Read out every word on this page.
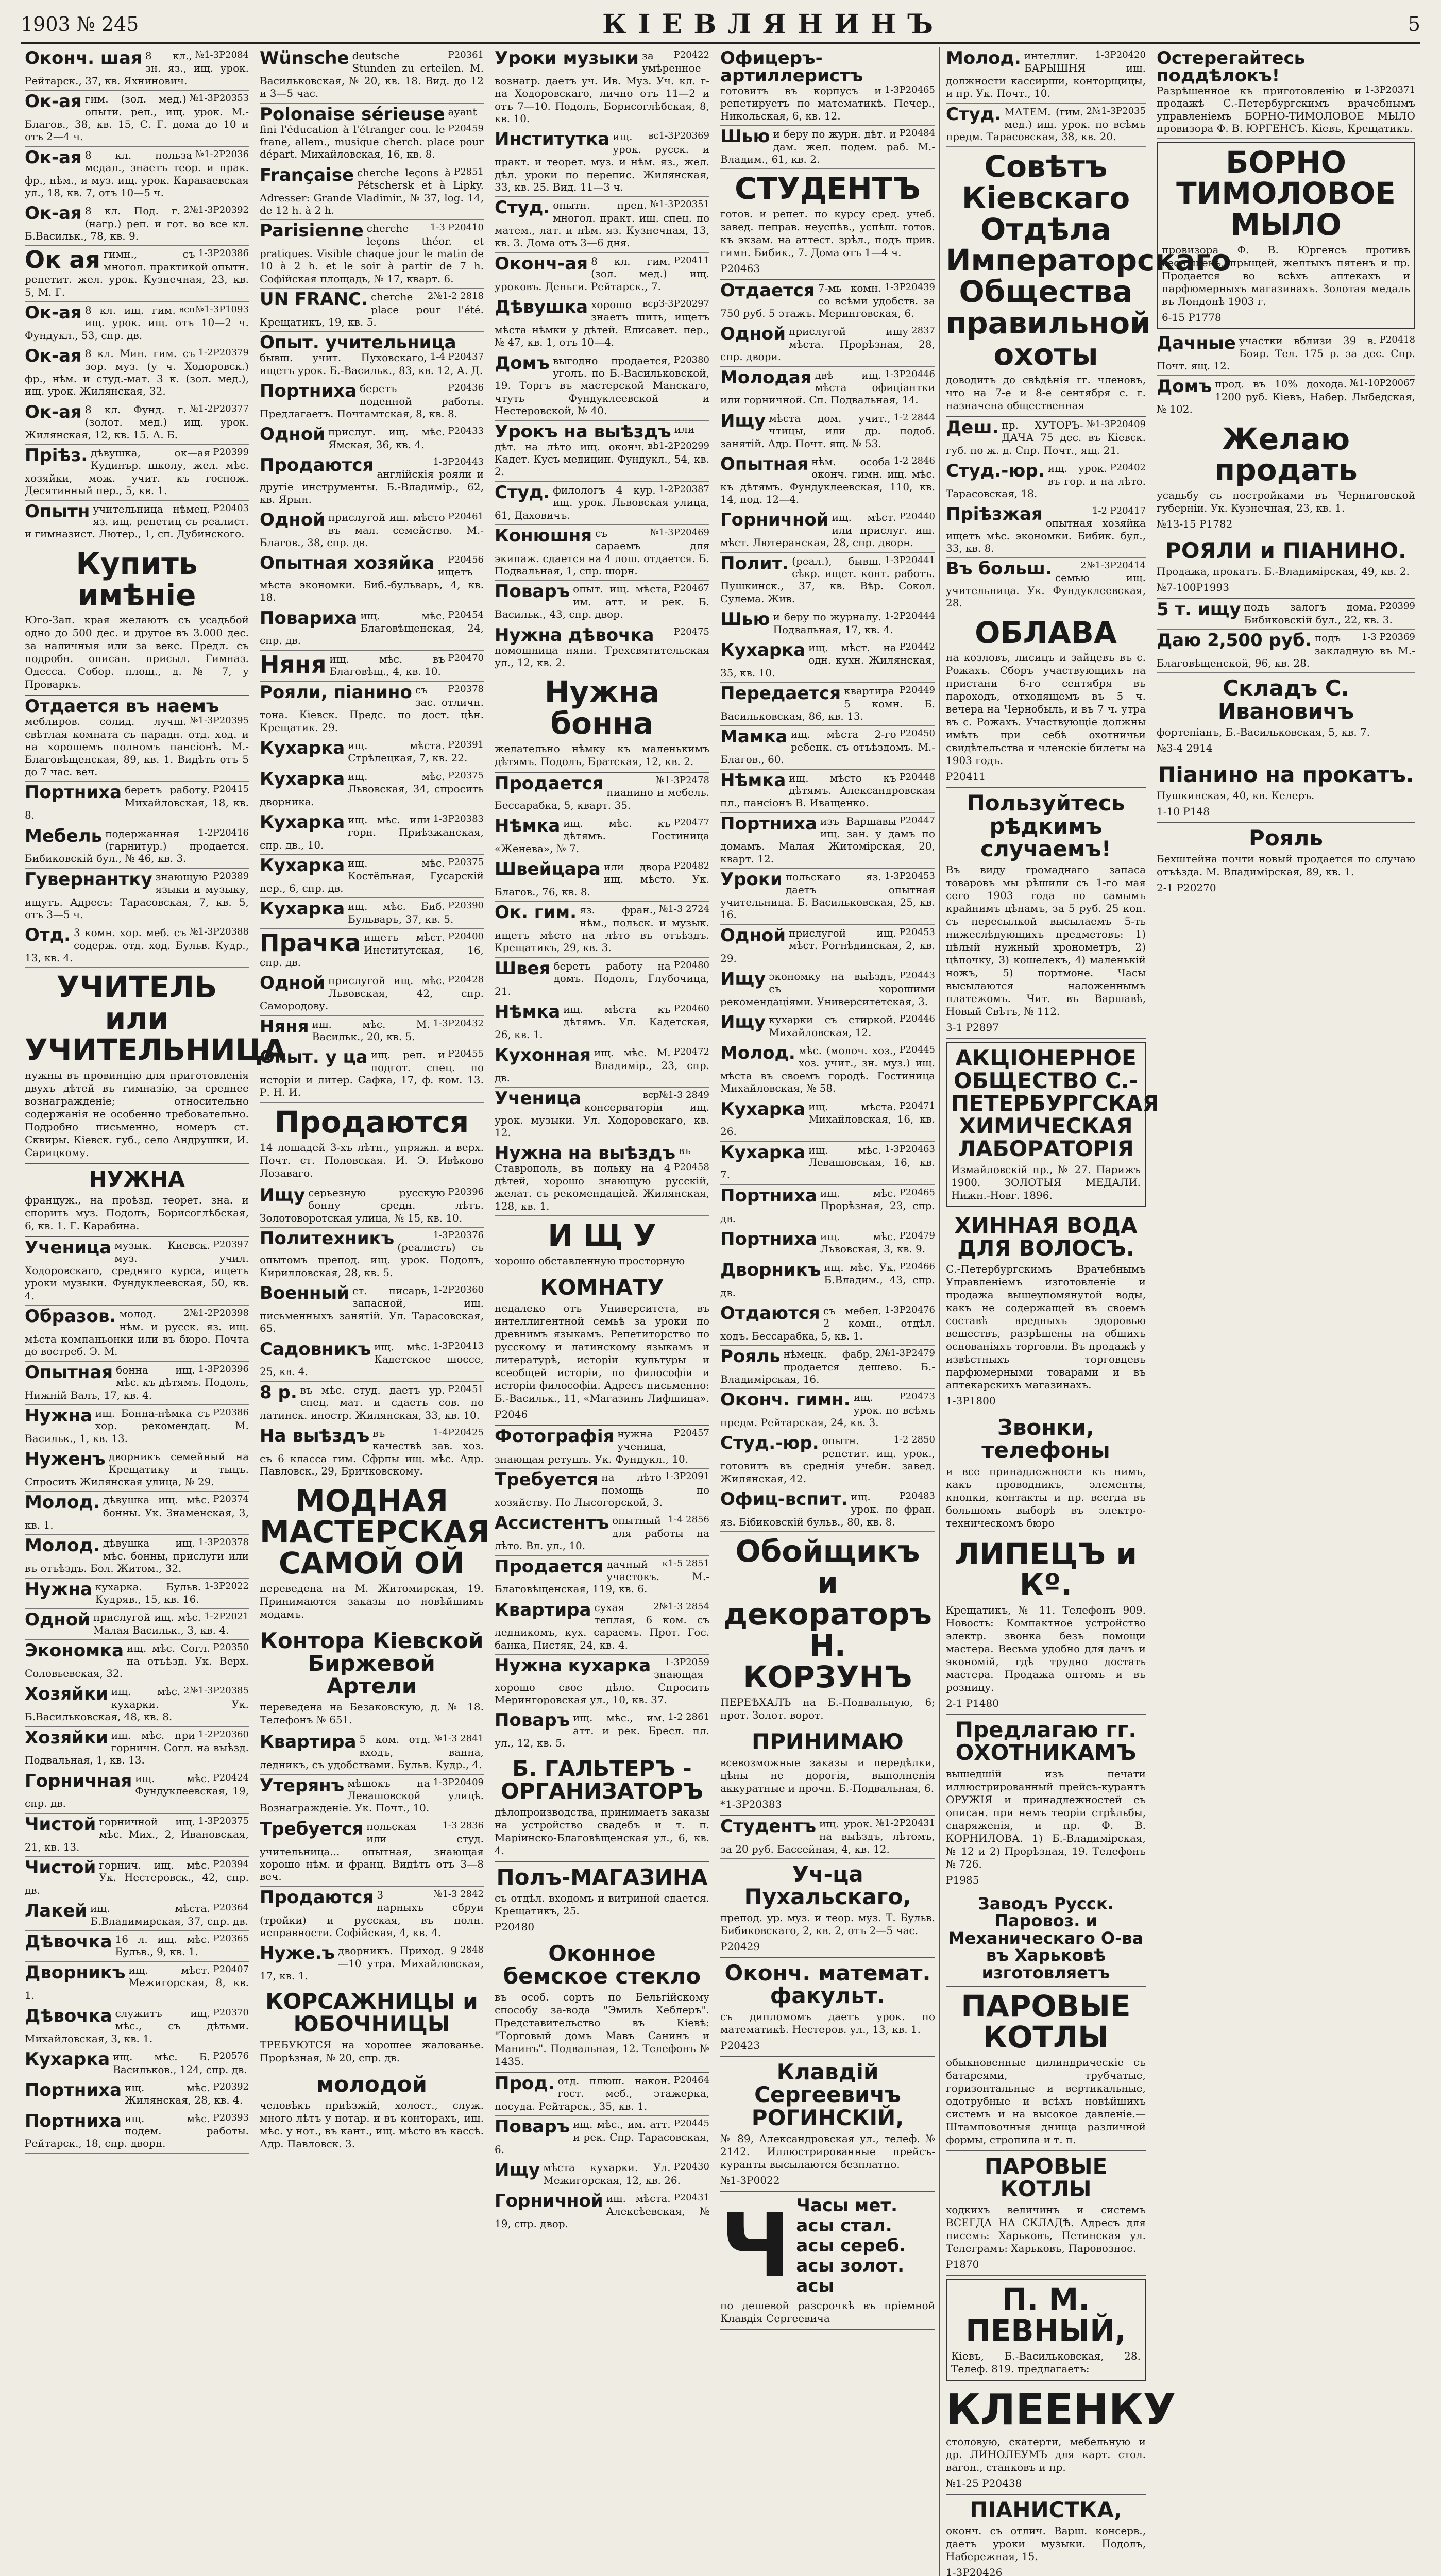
1903 № 245	КІЕВЛЯНИНЪ	5
Оконч. шая	№1-3Р2084
8 кл., зн. яз., ищ. урок. Рейтарск., 37, кв. Яхнинович.
Ок-ая	№1-3Р2035З
гим. (зол. мед.) опыти. реп., ищ. урок. М.-Благов., 38, кв. 15, С. Г. дома до 10 и отъ 2—4 ч.
Ок-ая	№1-2Р2036
8 кл. польза медал., знаетъ теор. и прак. фр., нѣм., и муз. ищ. урок. Караваевская ул., 18, кв. 7, отъ 10—5 ч.
Ок-ая	2№1-3Р20392
8 кл. Под. г. (нагр.) реп. и гот. во все кл. Б.Васильк., 78, кв. 9.
Ок ая	1-3Р20386
гимн., съ многол. практикой опытн. репетит. жел. урок. Кузнечная, 23, кв. 5, М. Г.
Ок-ая	всп№1-3Р1093
8 кл. ищ. гим. ищ. урок. ищ. отъ 10—2 ч. Фундукл., 53, спр. дв.
Ок-ая	1-2Р20379
8 кл. Мин. гим. съ зор. муз. (у ч. Ходоровск.) фр., нѣм. и студ.-мат. 3 к. (зол. мед.), ищ. урок. Жилянская, 32.
Ок-ая	№1-2Р20377
8 кл. Фунд. г. (золот. мед.) ищ. урок. Жилянская, 12, кв. 15. А. Б.
Пріѣз.	Р20399
дѣвушка, ок—ая Кудинър. школу, жел. мѣс. хозяйки, мож. учит. къ госпож. Десятинный пер., 5, кв. 1.
Опытн	Р20403
учительница нѣмец. яз. ищ. репетиц съ реалист. и гимназист. Лютер., 1, сп. Дубинского.
Купить имѣніе
Юго-Зап. края желаютъ съ усадьбой одно до 500 дес. и другое въ 3.000 дес. за наличныя или за векс. Предл. съ подробн. описан. присыл. Гимназ. Одесса. Собор. площ., д. № 7, у Проваркъ.
Отдается въ наемъ
№1-3Р20395
меблиров. солид. лучш. свѣтлая комната съ парадн. отд. ход. и на хорошемъ полномъ пансіонѣ. М.-Благовѣщенская, 89, кв. 1. Видѣть отъ 5 до 7 час. веч.
Портниха	Р20415
беретъ работу. Михайловская, 18, кв. 8.
Мебель	1-2Р20416
подержанная (гарнитур.) продается. Бибиковскій бул., № 46, кв. 3.
Гувернантку	Р20389
знающую языки и музыку, ищутъ. Адресъ: Тарасовская, 7, кв. 5, отъ 3—5 ч.
Отд.	№1-3Р20388
3 комн. хор. меб. съ содерж. отд. ход. Бульв. Кудр., 13, кв. 4.
УЧИТЕЛЬ или УЧИТЕЛЬНИЦА
нужны въ провинцію для приготовленія двухъ дѣтей въ гимназію, за среднее вознагражденіе; относительно содержанія не особенно требовательно. Подробно письменно, номеръ ст. Сквиры. Кіевск. губ., село Андрушки, И. Сарицкому.
НУЖНА
француж., на проѣзд. теорет. зна. и спорить муз. Подолъ, Борисоглѣбская, 6, кв. 1. Г. Карабина.
Ученица	Р20397
музык. Киевск. муз. учил. Ходоровскаго, средняго курса, ищетъ уроки музыки. Фундуклеевская, 50, кв. 4.
Образов.	2№1-2Р20398
молод. нѣм. и русск. яз. ищ. мѣста компаньонки или въ бюро. Почтa до востреб. Э. М.
Опытная	1-3Р20396
бонна ищ. мѣс. къ дѣтямъ. Подолъ, Нижній Валъ, 17, кв. 4.
Нужна	Р20386
ищ. Бонна-нѣмка съ хор. рекомендац. М. Васильк., 1, кв. 13.
Нуженъ дворникъ семейный на Крещатику и тыцъ. Спросить Жилянская улица, № 29.
Молод.	Р20374
дѣвушка ищ. мѣс. бонны. Ук. Знаменская, 3, кв. 1.
Молод.	1-3Р20378
дѣвушка ищ. мѣс. бонны, прислуги или въ отъѣздъ. Бол. Житом., 32.
Нужна	1-3Р2022
кухарка. Бульв. Кудряв., 15, кв. 16.
Одной	1-2Р2021
прислугой ищ. мѣс. Малая Васильк., 3, кв. 4.
Экономка	Р20350
ищ. мѣс. Согл. на отъѣзд. Ук. Верх. Соловьевская, 32.
Хозяйки	2№1-3Р20385
ищ. мѣс. кухарки. Ук. Б.Васильковская, 48, кв. 8.
Хозяйки	1-2Р20360
ищ. мѣс. при горничн. Согл. на выѣзд. Подвальная, 1, кв. 13.
Горничная	Р20424
ищ. мѣс. Фундуклеевская, 19, спр. дв.
Чистой	1-3Р20375
горничной ищ. мѣс. Мих., 2, Ивановская, 21, кв. 13.
Чистой	Р20394
горнич. ищ. мѣс. Ук. Нестеровск., 42, спр. дв.
Лакей	Р20364
ищ. мѣста. Б.Владимирская, 37, спр. дв.
Дѣвочка	Р20365
16 л. ищ. мѣс. Бульв., 9, кв. 1.
Дворникъ	Р20407
ищ. мѣст. Межигорская, 8, кв. 1.
Дѣвочка	Р20370
служитъ ищ. мѣс., съ дѣтьми. Михайловская, 3, кв. 1.
Кухарка	Р20576
ищ. мѣс. Б. Васильков., 124, спр. дв.
Портниха	Р20392
ищ. мѣс. Жилянская, 28, кв. 4.
Портниха	Р20393
ищ. мѣс. подем. работы. Рейтарск., 18, спр. дворн.
Wünsche	Р20361
deutsche Stunden zu erteilen. М. Васильковская, № 20, кв. 18. Вид. до 12 и 3—5 час.
Polonaise sérieuse
Р20459
ayant fini l'éducation à l'étranger cou. le frane, allem., musique cherch. place pour départ. Михайловская, 16, кв. 8.
Française	Р2851
cherche leçons à Pétschersk et à Lipky. Adresser: Grande Vladimir., № 37, log. 14, de 12 h. à 2 h.
Parisienne	1-3 Р20410
cherche leçons théor. et pratiques. Visible chaque jour le matin de 10 à 2 h. et le soir à partir de 7 h. Софійская площадь, № 17, кварт. 6.
UN FRANC.	2№1-2 2818
cherche place pour l'été. Крещатикъ, 19, кв. 5.
Опыт. учительница
1-4 Р20437
бывш. учит. Пуховскаго, ищетъ урок. Б.-Васильк., 83, кв. 12, А. Д.
Портниха	Р20436
беретъ поденной работы. Предлагаетъ. Почтамтская, 8, кв. 8.
Одной	Р20433
прислуг. ищ. мѣс. Ямская, 36, кв. 4.
Продаются	1-3Р20443
англійскія рояли и другіе инструменты. Б.-Владимір., 62, кв. Ярын.
Одной	Р20461
прислугой ищ. мѣсто въ мал. семейство. М.-Благов., 38, спр. дв.
Опытная хозяйка Р20456
ищетъ мѣста экономки. Биб.-бульварь, 4, кв. 18.
Повариха	Р20454
ищ. мѣс. Благовѣщенская, 24, спр. дв.
Няня	Р20470
ищ. мѣс. въ Благовѣщ., 4, кв. 10.
Рояли, піанино	Р20378
съ зас. отличн. тона. Кiевск. Предс. по дост. цѣн. Крещатик. 29.
Кухарка	Р20391
ищ. мѣста. Стрѣлецкая, 7, кв. 22.
Кухарка	Р20375
ищ. мѣс. Львовская, 34, спросить дворника.
Кухарка	1-3Р20383
ищ. мѣс. или горн. Приѣзжанская, спр. дв., 10.
Кухарка	Р20375
ищ. мѣс. Костёльная, Гусарскій пер., 6, спр. дв.
Кухарка	Р20390
ищ. мѣс. Биб. Бульваръ, 37, кв. 5.
Прачка	Р20400
ищетъ мѣст. Институтская, 16, спр. дв.
Одной	Р20428
прислугой ищ. мѣс. Львовская, 42, спр. Самородову.
Няня	1-3Р20432
ищ. мѣс. М. Васильк., 20, кв. 5.
Опыт. у ца	Р20455
ищ. реп. и подгот. спец. по исторіи и литер. Сафка, 17, ф. ком. 13. Р. Н. И.
Продаются
14 лошадей 3-хъ лѣтн., упряжн. и верх. Почт. ст. Половская. И. Э. Ивѣково Лозаваго.
Ищу	Р20396
серьезную русскую бонну средн. лѣтъ. Золотоворотская улица, № 15, кв. 10.
Политехникъ	1-3Р20376
(реалистъ) съ опытомъ препод. ищ. урок. Подолъ, Кирилловская, 28, кв. 5.
Военный	1-2Р20360
ст. писарь, запасной, ищ. письменныхъ занятій. Ул. Тарасовская, 65.
Садовникъ	1-3Р20413
ищ. мѣс. Кадетское шоссе, 25, кв. 4.
8 р.	Р20451
въ мѣс. студ. даетъ ур. спец. мат. и сдаетъ сов. по латинск. иностр. Жилянская, 33, кв. 10.
На выѣздъ	1-4Р20425
въ качествѣ зав. хоз. съ 6 класса гим. Сфрпы ищ. мѣс. Адр. Павловск., 29, Бричковскому.
МОДНАЯ МАСТЕРСКАЯ САМОЙ ОЙ
переведена на М. Житомирская, 19. Принимаются заказы по новѣйшимъ модамъ.
Контора Кіевской Биржевой Артели
переведена на Безаковскую, д. № 18. Телефонъ № 651.
Квартира	№1-3 2841
5 ком. отд. входъ, ванна, ледникъ, съ удобствами. Бульв. Кудр., 4.
Утерянъ	1-3Р20409
мѣшокъ на Левашовской улицѣ. Вознагражденіе. Ук. Почт., 10.
Требуется	1-3 2836
польская или студ. учительница... опытная, знающая хорошо нѣм. и франц. Видѣть отъ 3—8 веч.
Продаются	№1-3 2842
3 парныхъ сбруи (тройки) и русская, въ полн. исправности. Софійская, 4, кв. 4.
Нуже.ъ	2848
дворникъ. Приход. 9—10 утра. Михайловская, 17, кв. 1.
КОРСАЖНИЦЫ и ЮБОЧНИЦЫ
ТРЕБУЮТСЯ на хорошее жалованье. Прорѣзная, № 20, спр. дв.
молодой
человѣкъ приѣзжій, холост., служ. много лѣтъ у нотар. и въ конторахъ, ищ. мѣс. у нот., въ кант., ищ. мѣсто въ кассѣ. Адр. Павловск. 3.
Уроки музыки	Р20422
за умѣренное вознагр. даетъ уч. Ив. Муз. Уч. кл. г-на Ходоровскаго, лично отъ 11—2 и отъ 7—10. Подолъ, Борисоглѣбская, 8, кв. 10.
Институтка	вс1-3Р20369
ищ. урок. русск. и практ. и теорет. муз. и нѣм. яз., жел. дѣл. уроки по перепис. Жилянская, 33, кв. 25. Вид. 11—3 ч.
Студ.	№1-3Р20351
опытн. преп. многол. практ. ищ. спец. по матем., лат. и нѣм. яз. Кузнечная, 13, кв. 3. Дома отъ 3—6 дня.
Оконч-ая	Р20411
8 кл. гим. (зол. мед.) ищ. уроковъ. Деньги. Рейтарск., 7.
Дѣвушка	всрЗ-3Р20297
хорошо знаетъ шить, ищетъ мѣста нѣмки у дѣтей. Елисавет. пер., № 47, кв. 1, отъ 10—4.
Домъ	Р20380
выгодно продается, уголъ. по Б.-Васильковской, 19. Торгъ въ мастерской Манскаго, чтуть Фундуклеевской и Нестеровской, № 40.
Урокъ на выѣздъ
вb1-2Р20299
или дѣт. на лѣто ищ. оконч. Кадет. Кусъ медицин. Фундукл., 54, кв. 2.
Студ.	1-2Р20387
филологъ 4 кур. ищ. урок. Львовская улица, 61, Даховичъ.
Конюшня	№1-3Р20469
съ сараемъ для экипаж. сдается на 4 лош. отдается. Б. Подвальная, 1, спр. шорн.
Поваръ	Р20467
опыт. ищ. мѣста, им. атт. и рек. Б. Васильк., 43, спр. двор.
Нужна дѣвочка Р20475
помощница няни. Трехсвятительская ул., 12, кв. 2.
Нужна бонна
желательно нѣмку къ маленькимъ дѣтямъ. Подолъ, Братская, 12, кв. 2.
Продается	№1-3Р2478
пианино и мебель. Бессарабка, 5, кварт. 35.
Нѣмка	Р20477
ищ. мѣс. къ дѣтямъ. Гостиница «Женева», № 7.
Швейцара	Р20482
или двора ищ. мѣсто. Ук. Благов., 76, кв. 8.
Ок. гим.	№1-3 2724
яз. фран., нѣм., польск. и музык. ищетъ мѣсто на лѣто въ отъѣздъ. Крещатикъ, 29, кв. 3.
Швея	Р20480
беретъ работу на домъ. Подолъ, Глубочица, 21.
Нѣмка	Р20460
ищ. мѣста къ дѣтямъ. Ул. Кадетская, 26, кв. 1.
Кухонная	Р20472
ищ. мѣс. М. Владимір., 23, спр. дв.
Ученица	вср№1-3 2849
консерваторіи ищ. урок. музыки. Ул. Ходоровскаго, кв. 12.
Нужна на выѣздъ
Р20458
въ Ставрополь, въ польку на 4 дѣтей, хорошо знающую русскій, желат. съ рекомендаціей. Жилянская, 128, кв. 1.
И Щ У
хорошо обставленную просторную
КОМНАТУ
недалеко отъ Университета, въ интеллигентной семьѣ за уроки по древнимъ языкамъ. Репетиторство по русскому и латинскому языкамъ и литературѣ, исторіи культуры и всеобщей исторіи, по философіи и исторіи философіи. Адресъ письменно: Б.-Васильк., 11, «Магазинъ Лифшица».
Р2046
Фотографія	Р20457
нужна ученица, знающая ретушъ. Ук. Фундукл., 10.
Требуется	1-3Р2091
на лѣто помощь по хозяйству. По Лысогорской, 3.
Ассистентъ	1-4 2856
опытный для работы на лѣто. Вл. ул., 10.
Продается	к1-5 2851
дачный участокъ. М.-Благовѣщенская, 119, кв. 6.
Квартира	2№1-3 2854
сухая теплая, 6 ком. съ ледникомъ, кух. сараемъ. Прот. Гос. банка, Пистяк, 24, кв. 4.
Нужна кухарка 1-3Р2059
знающая хорошо свое дѣло. Спросить Мерингоровская ул., 10, кв. 37.
Поваръ	1-2 2861
ищ. мѣс., им. атт. и рек. Бресл. пл. ул., 12, кв. 5.
Б. ГАЛЬТЕРЪ - ОРГАНИЗАТОРЪ
дѣлопроизводства, принимаетъ заказы на устройство свадебъ и т. п. Маріинско-Благовѣщенская ул., 6, кв. 4.
Полъ-МАГАЗИНА
съ отдѣл. входомъ и витриной сдается. Крещатикъ, 25.
Р20480
Оконное бемское стекло
въ особ. сортъ по Бельгійскому способу за-вода "Эмиль Хеблеръ". Представительство въ Кіевѣ: "Торговый домъ Мавъ Санинъ и Манинъ". Подвальная, 12. Телефонъ № 1435.
Прод.	Р20464
отд. плюш. након. гост. меб., этажерка, посуда. Рейтарск., 35, кв. 1.
Поваръ	Р20445
ищ. мѣс., им. атт. и рек. Спр. Тарасовская, 6.
Ищу	Р20430
мѣста кухарки. Ул. Межигорская, 12, кв. 26.
Горничной	Р20431
ищ. мѣста. Алексѣевская, № 19, спр. двор.
Офицеръ-артиллеристъ
1-3Р20465
готовитъ въ корпусъ и репетируетъ по математикѣ. Печер., Никольская, 6, кв. 12.
Шью	Р20484
и беру по журн. дѣт. и дам. жел. подем. раб. М.-Владим., 61, кв. 2.
СТУДЕНТЪ
готов. и репет. по курсу сред. учеб. завед. пеправ. неуспѣв., успѣш. готов. къ экзам. на аттест. зрѣл., подъ прив. гимн. Бибик., 7. Дома отъ 1—4 ч.
Р20463
Отдается	1-3Р20439
7-мь комн. со всѣми удобств. за 750 руб. 5 этажъ. Меринговская, 6.
Одной	2837
прислугой ищу мѣста. Прорѣзная, 28, спр. двори.
Молодая	1-3Р20446
двѣ ищ. мѣста офиціантки или горничной. Сп. Подвальная, 14.
Ищу	1-2 2844
мѣста дом. учит., чтицы, или др. подоб. занятій. Адр. Почт. ящ. № 53.
Опытная	1-2 2846
нѣм. особа оконч. гимн. ищ. мѣс. къ дѣтямъ. Фундуклеевская, 110, кв. 14, под. 12—4.
Горничной	Р20440
ищ. мѣст. или прислуг. ищ. мѣст. Лютеранская, 28, спр. дворн.
Полит.	1-3Р20441
(реал.), бывш. сѣкр. ищет. конт. работъ. Пушкинск., 37, кв. Вѣр. Сокол. Сулема. Жив.
Шью	1-2Р20444
и беру по журналу. Подвальная, 17, кв. 4.
Кухарка	Р20442
ищ. мѣст. на одн. кухн. Жилянская, 35, кв. 10.
Передается	Р20449
квартира 5 комн. Б. Васильковская, 86, кв. 13.
Мамка	Р20450
ищ. мѣста 2-го ребенк. съ отъѣздомъ. М.-Благов., 60.
Нѣмка	Р20448
ищ. мѣсто къ дѣтямъ. Александровская пл., пансіонъ В. Иващенко.
Портниха	Р20447
изъ Варшавы ищ. зан. у дамъ по домамъ. Малая Житомірская, 20, кварт. 12.
Уроки	1-3Р20453
польскаго яз. даетъ опытная учительница. Б. Васильковская, 25, кв. 16.
Одной	Р20453
прислугой ищ. мѣст. Рогнѣдинская, 2, кв. 29.
Ищу	Р20443
экономку на выѣздъ, съ хорошими рекомендаціями. Университетская, 3.
Ищу	Р20446
кухарки съ стиркой. Михайловская, 12.
Молод.	Р20445
мѣс. (молоч. хоз., хоз. учит., зн. муз.) ищ. мѣста въ своемъ городѣ. Гостиница Михайловская, № 58.
Кухарка	Р20471
ищ. мѣста. Михайловская, 16, кв. 26.
Кухарка	1-3Р20463
ищ. мѣс. Левашовская, 16, кв. 7.
Портниха	Р20465
ищ. мѣс. Прорѣзная, 23, спр. дв.
Портниха	Р20479
ищ. мѣс. Львовская, 3, кв. 9.
Дворникъ	Р20466
ищ. мѣс. Ук. Б.Владим., 43, спр. дв.
Отдаются	1-3Р20476
съ мебел. 2 комн., отдѣл. ходъ. Бессарабка, 5, кв. 1.
Рояль	2№1-3Р2479
нѣмецк. фабр. продается дешево. Б.-Владимірская, 16.
Оконч. гимн.	Р20473
ищ. урок. по всѣмъ предм. Рейтарская, 24, кв. 3.
Студ.-юр.	1-2 2850
опытн. репетит. ищ. урок., готовитъ въ среднія учебн. завед. Жилянская, 42.
Офиц-вспит.	Р20483
ищ. урок. по фран. яз. Бібиковскій бульв., 80, кв. 8.
Обойщикъ и декораторъ Н. КОРЗУНЪ
ПЕРЕѢХАЛЪ на Б.-Подвальную, 6; прот. Золот. ворот.
ПРИНИМАЮ
всевозможные заказы и передѣлки, цѣны не дорогія, выполненія аккуратные и прочн. Б.-Подвальная, 6.
*1-3Р20383
Студентъ	№1-2Р20431
ищ. урок. на выѣздъ, лѣтомъ, за 20 руб. Бассейная, 4, кв. 12.
Уч-ца Пухальскаго,
препод. ур. муз. и теор. муз. Т. Бульв. Бибиковскаго, 2, кв. 2, отъ 2—5 час.
Р20429
Оконч. математ. факульт.
съ дипломомъ даетъ урок. по математикѣ. Нестеров. ул., 13, кв. 1.
Р20423
Клавдій Сергеевичъ РОГИНСКІЙ,
№ 89, Александровская ул., телеф. № 2142. Иллюстрированные прейсъ-куранты высылаются безплатно.
№1-3Р0022
Ч Часы мет.
асы стал.
асы сереб.
асы золот.
асы
по дешевой разсрочкѣ въ пріемной Клавдія Сергеевича
Молод.	1-3Р20420
интеллиг. БАРЫШНЯ ищ. должности кассирши, конторщицы, и пр. Ук. Почт., 10.
Студ.	2№1-3Р2035
МАТЕМ. (гим. мед.) ищ. урок. по всѣмъ предм. Тарасовская, 38, кв. 20.
Совѣтъ Кіевскаго Отдѣла Императорскаго Общества правильной охоты
доводитъ до свѣдѣнія гг. членовъ, что на 7-е и 8-е сентября с. г. назначена общественная
Деш.	№1-3Р20409
пр. ХУТОРЪ-ДАЧА 75 дес. въ Кіевск. губ. по ж. д. Спр. Почт., ящ. 21.
Студ.-юр.	Р20402
ищ. урок. въ гор. и на лѣто. Тарасовская, 18.
Пріѣзжая	1-2 Р20417
опытная хозяйка ищетъ мѣс. экономки. Бибик. бул., 33, кв. 8.
Въ больш.	2№1-3Р20414
семью ищ. учительница. Ук. Фундуклеевская, 28.
ОБЛАВА
на козловъ, лисицъ и зайцевъ въ с. Рожахъ. Сборъ участвующихъ на пристани 6-го сентября въ пароходъ, отходящемъ въ 5 ч. вечера на Чернобыль, и въ 7 ч. утра въ с. Рожахъ. Участвующіе должны имѣть при себѣ охотничьи свидѣтельства и членскіе билеты на 1903 годъ.
Р20411
Пользуйтесь рѣдкимъ случаемъ!
Въ виду громаднаго запаса товаровъ мы рѣшили съ 1-го мая сего 1903 года по самымъ крайнимъ цѣнамъ, за 5 руб. 25 коп. съ пересылкой высылаемъ 5-ть нижеслѣдующихъ предметовъ: 1) цѣлый нужный хронометръ, 2) цѣпочку, 3) кошелекъ, 4) маленькій ножъ, 5) портмоне. Часы высылаются наложеннымъ платежомъ. Чит. въ Варшавѣ, Новый Свѣтъ, № 112.
3-1 Р2897
АКЦІОНЕРНОЕ ОБЩЕСТВО С.-ПЕТЕРБУРГСКАЯ ХИМИЧЕСКАЯ ЛАБОРАТОРІЯ
Измайловскій пр., № 27. Парижъ 1900. ЗОЛОТЫЯ МЕДАЛИ. Нижн.-Новг. 1896.
ХИННАЯ ВОДА ДЛЯ ВОЛОСЪ.
С.-Петербургскимъ Врачебнымъ Управленіемъ изготовленіе и продажа вышеупомянутой воды, какъ не содержащей въ своемъ составѣ вредныхъ здоровью веществъ, разрѣшены на общихъ основаніяхъ торговли. Въ продажѣ у извѣстныхъ торговцевъ парфюмерными товарами и въ аптекарскихъ магазинахъ.
1-3Р1800
Звонки, телефоны
и все принадлежности къ нимъ, какъ проводникъ, элементы, кнопки, контакты и пр. всегда въ большомъ выборѣ въ электро-техническомъ бюро
ЛИПЕЦЪ и Кº.
Крещатикъ, № 11. Телефонъ 909. Новость: Компактное устройство электр. звонка безъ помощи мастера. Весьма удобно для дачъ и экономій, гдѣ трудно достать мастера. Продажа оптомъ и въ розницу.
2-1 Р1480
Предлагаю гг. ОХОТНИКАМЪ
вышедшій изъ печати иллюстрированный прейсъ-курантъ ОРУЖІЯ и принадлежностей съ описан. при немъ теоріи стрѣльбы, снаряженія, и пр. Ф. В. КОРНИЛОВА. 1) Б.-Владимірская, № 12 и 2) Прорѣзная, 19. Телефонъ № 726.
Р1985
Заводъ Русск. Паровоз. и Механическаго О-ва въ Харьковѣ изготовляетъ
ПАРОВЫЕ КОТЛЫ
обыкновенные цилиндрическіе съ батареями, трубчатые, горизонтальные и вертикальные, одотрубные и всѣхъ новѣйшихъ системъ и на высокое давленіе.—Штамповочныя днища различной формы, стропила и т. п.
ПАРОВЫЕ КОТЛЫ
ходкихъ величинъ и системъ ВСЕГДА НА СКЛАДѢ. Адресъ для писемъ: Харьковъ, Петинская ул. Телеграмъ: Харьковъ, Паровозное.
Р1870
П. М. ПЕВНЫЙ,
Кіевъ, Б.-Васильковская, 28. Телеф. 819. предлагаетъ:
КЛЕЕНКУ
столовую, скатерти, мебельную и др. ЛИНОЛЕУМЪ для карт. стол. вагон., станковъ и пр.
№1-25 Р20438
ПІАНИСТКА,
оконч. съ отлич. Варш. консерв., даетъ уроки музыки. Подолъ, Набережная, 15.
1-3Р20426
Остерегайтесь поддѣлокъ!
1-3Р20371
Разрѣшенное къ приготовленію и продажѣ С.-Петербургскимъ врачебнымъ управленіемъ БОРНО-ТИМОЛОВОЕ МЫЛО провизора Ф. В. ЮРГЕНСЪ. Кіевъ, Крещатикъ.
БОРНО ТИМОЛОВОЕ МЫЛО
провизора Ф. В. Юргенсъ противъ веснушекъ, прыщей, желтыхъ пятенъ и пр. Продается во всѣхъ аптекахъ и парфюмерныхъ магазинахъ. Золотая медаль въ Лондонѣ 1903 г.
6-15 Р1778
Дачные	Р20418
участки вблизи 39 в. Бояр. Тел. 175 р. за дес. Спр. Почт. ящ. 12.
Домъ	№1-10Р20067
прод. въ 10% дохода. 1200 руб. Кіевъ, Набер. Лыбедская, № 102.
Желаю продать
усадьбу съ постройками въ Черниговской губерніи. Ук. Кузнечная, 23, кв. 1.
№13-15 Р1782
РОЯЛИ и ПІАНИНО.
Продажа, прокатъ. Б.-Владимірская, 49, кв. 2.
№7-100Р1993
5 т. ищу	Р20399
подъ залогъ дома. Бибиковскій бул., 22, кв. 3.
Даю 2,500 руб.	1-3 Р20369
подъ закладную въ М.-Благовѣщенской, 96, кв. 28.
Складъ С. Ивановичъ
фортепіанъ, Б.-Васильковская, 5, кв. 7.
№3-4 2914
Піанино на прокатъ.
Пушкинская, 40, кв. Келеръ.
1-10 Р148
Рояль
Бехштейна почти новый продается по случаю отъѣзда. М. Владимірская, 89, кв. 1.
2-1 Р20270
